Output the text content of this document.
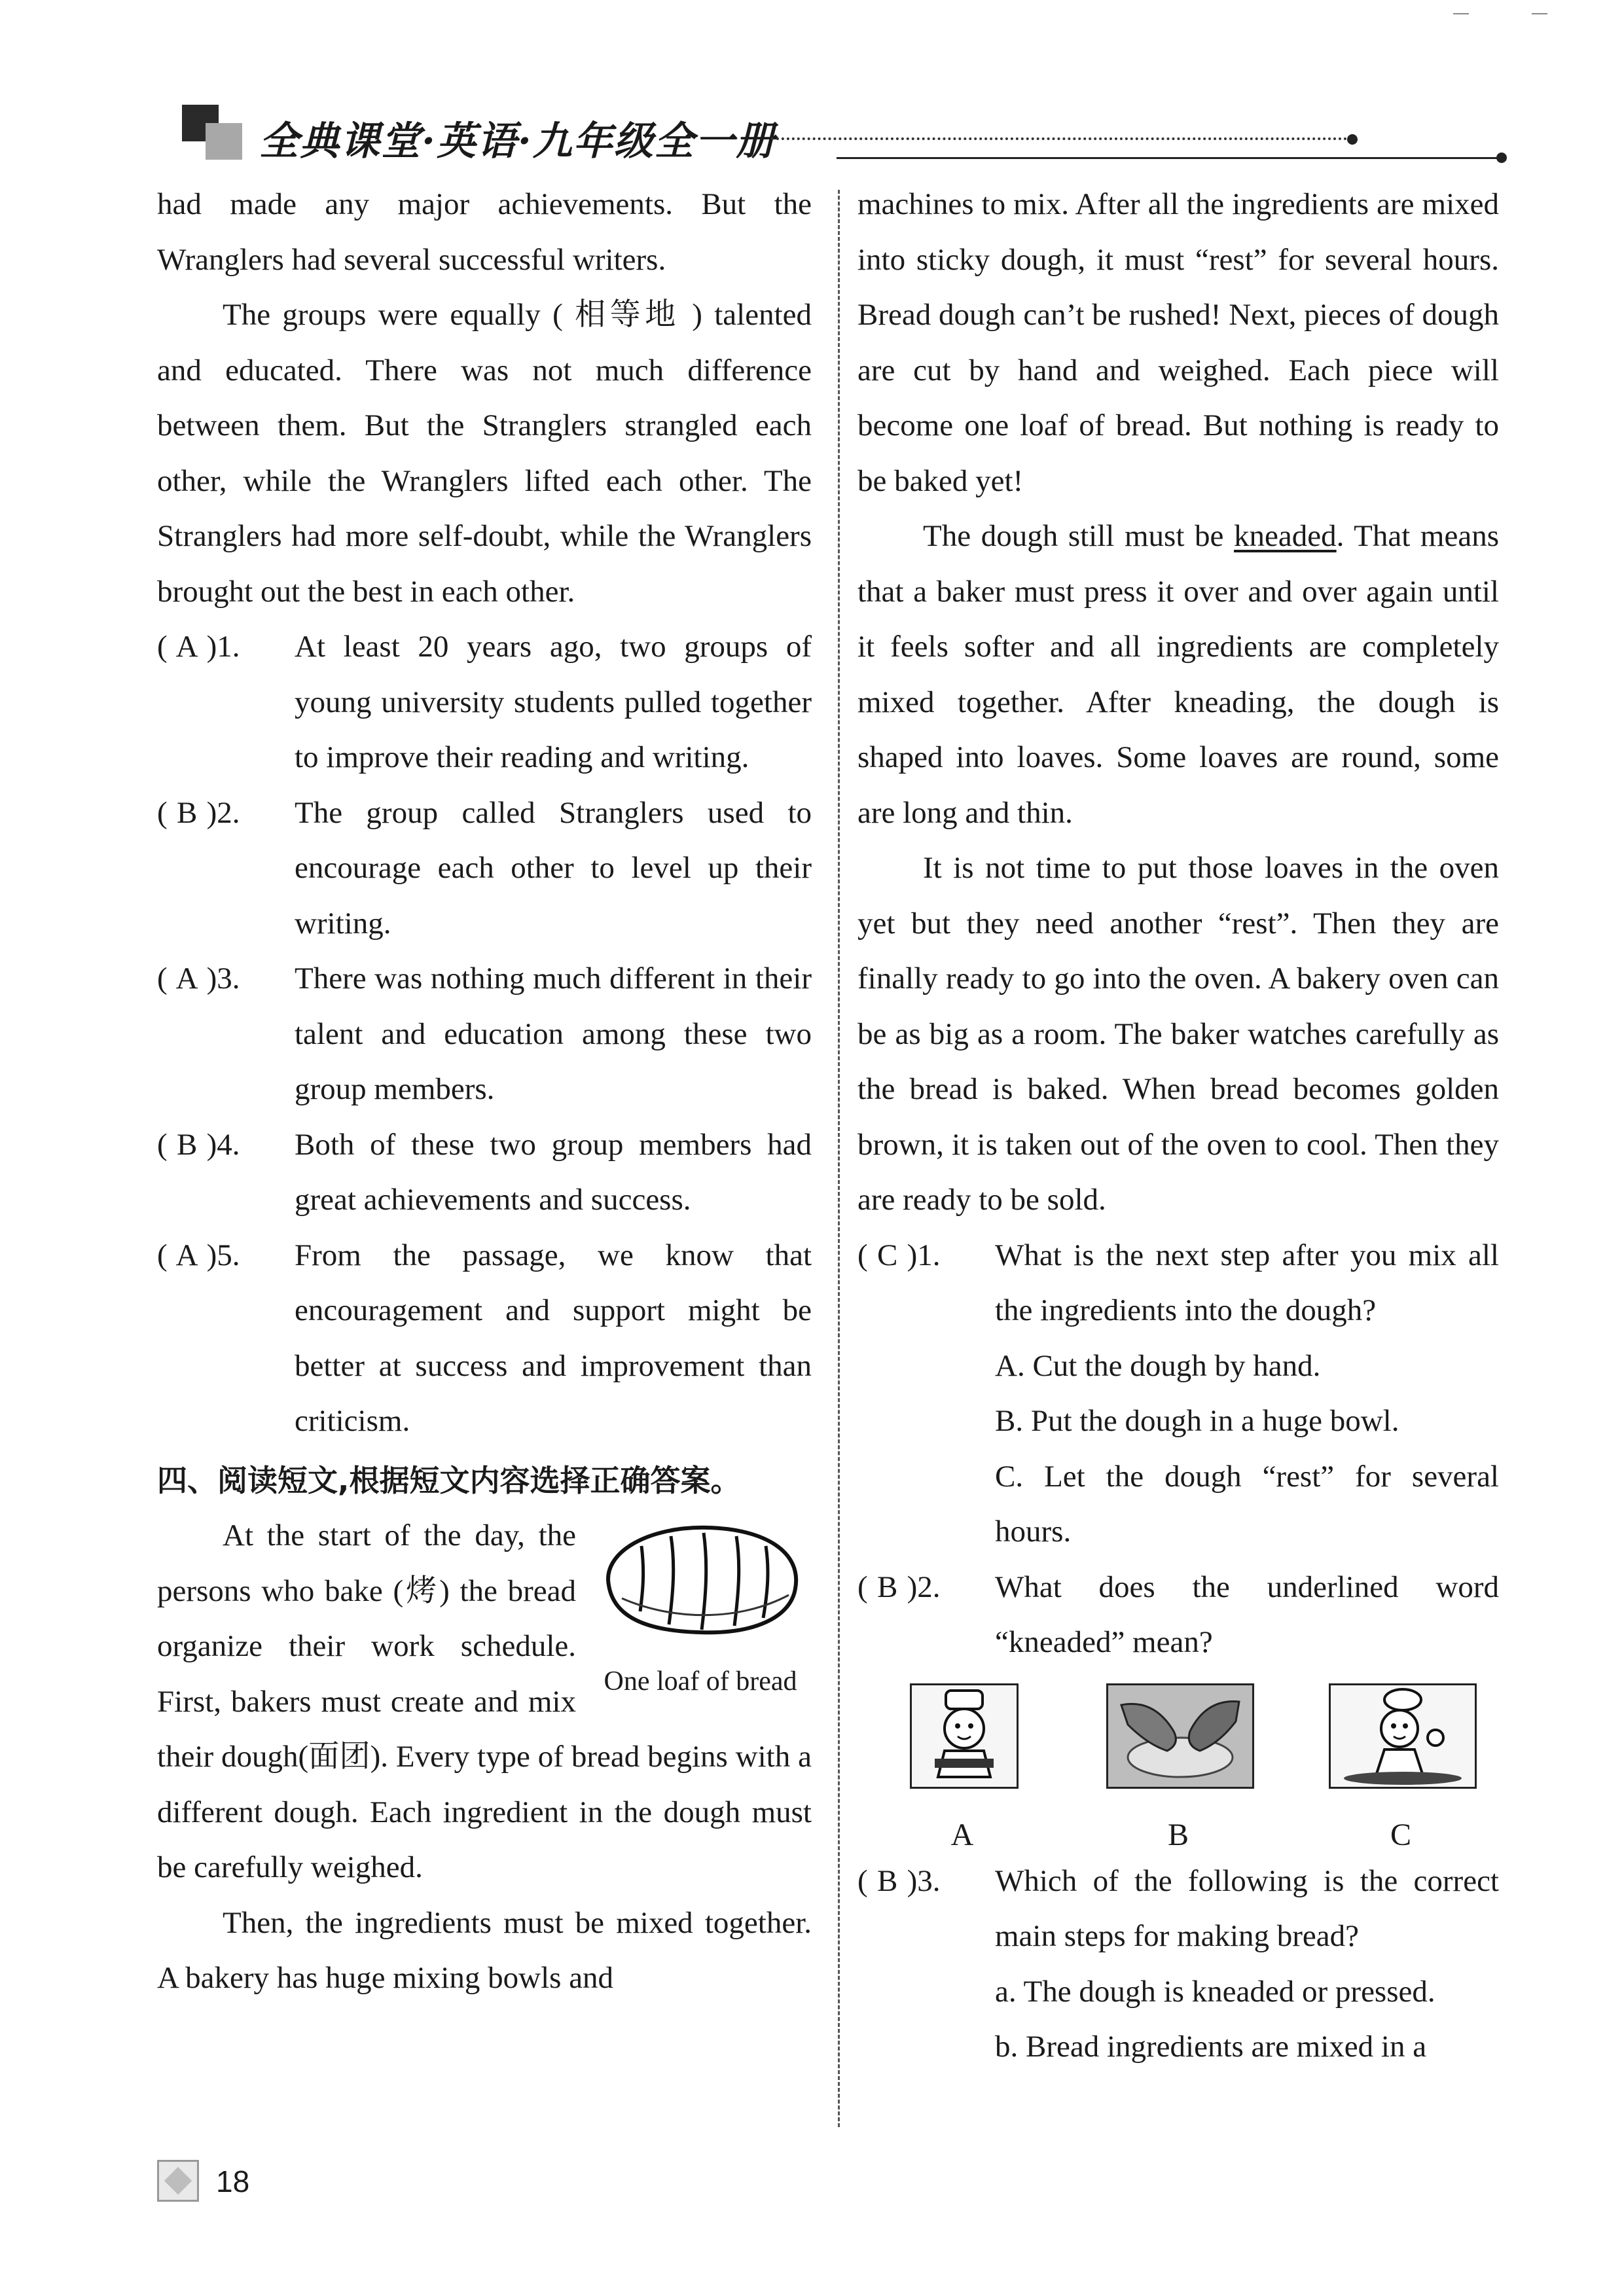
全典课堂·英语·九年级全一册

had made any major achievements. But the Wranglers had several successful writers.

The groups were equally ( 相等地 ) talented and educated. There was not much difference between them. But the Stranglers strangled each other, while the Wranglers lifted each other. The Stranglers had more self-doubt, while the Wranglers brought out the best in each other.

( A )1.	At least 20 years ago, two groups of young university students pulled together to improve their reading and writing.

( B )2.	The group called Stranglers used to encourage each other to level up their writing.

( A )3.	There was nothing much different in their talent and education among these two group members.

( B )4.	Both of these two group members had great achievements and success.

( A )5.	From the passage, we know that encouragement and support might be better at success and improvement than criticism.

四、阅读短文,根据短文内容选择正确答案。

One loaf of bread

At the start of the day, the persons who bake (烤) the bread organize their work schedule. First, bakers must create and mix their dough(面团). Every type of bread begins with a different dough. Each ingredient in the dough must be carefully weighed.

Then, the ingredients must be mixed together. A bakery has huge mixing bowls and

machines to mix. After all the ingredients are mixed into sticky dough, it must “rest” for several hours. Bread dough can’t be rushed! Next, pieces of dough are cut by hand and weighed. Each piece will become one loaf of bread. But nothing is ready to be baked yet!

The dough still must be kneaded. That means that a baker must press it over and over again until it feels softer and all ingredients are completely mixed together. After kneading, the dough is shaped into loaves. Some loaves are round, some are long and thin.

It is not time to put those loaves in the oven yet but they need another “rest”. Then they are finally ready to go into the oven. A bakery oven can be as big as a room. The baker watches carefully as the bread is baked. When bread becomes golden brown, it is taken out of the oven to cool. Then they are ready to be sold.

( C )1.	What is the next step after you mix all the ingredients into the dough?

A. Cut the dough by hand.

B. Put the dough in a huge bowl.

C. Let the dough “rest” for several hours.

( B )2.	What does the underlined word “kneaded” mean?

A	B	C

( B )3.	Which of the following is the correct main steps for making bread?

a. The dough is kneaded or pressed.

b. Bread ingredients are mixed in a

18
